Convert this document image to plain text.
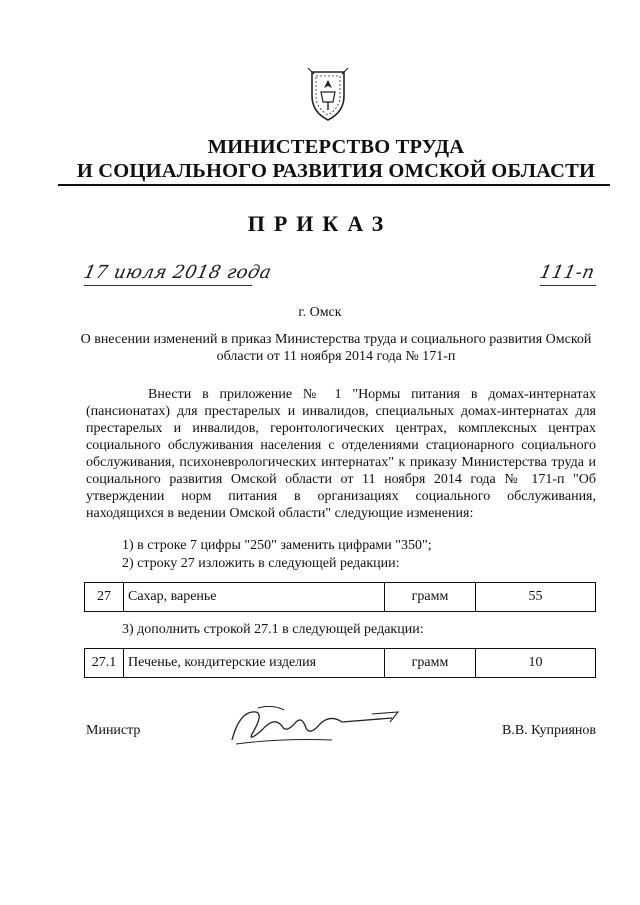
МИНИСТЕРСТВО ТРУДА
И СОЦИАЛЬНОГО РАЗВИТИЯ ОМСКОЙ ОБЛАСТИ
ПРИКАЗ
17 июля 2018 года	111-п
г. Омск
О внесении изменений в приказ Министерства труда и социального развития Омской области от 11 ноября 2014 года № 171-п
Внести в приложение № 1 "Нормы питания в домах-интернатах (пансионатах) для престарелых и инвалидов, специальных домах-интернатах для престарелых и инвалидов, геронтологических центрах, комплексных центрах социального обслуживания населения с отделениями стационарного социального обслуживания, психоневрологических интернатах" к приказу Министерства труда и социального развития Омской области от 11 ноября 2014 года № 171-п "Об утверждении норм питания в организациях социального обслуживания, находящихся в ведении Омской области" следующие изменения:
1) в строке 7 цифры "250" заменить цифрами "350";
2) строку 27 изложить в следующей редакции:
27	Сахар, варенье	грамм	55
3) дополнить строкой 27.1 в следующей редакции:
27.1	Печенье, кондитерские изделия	грамм	10
Министр	В.В. Куприянов
